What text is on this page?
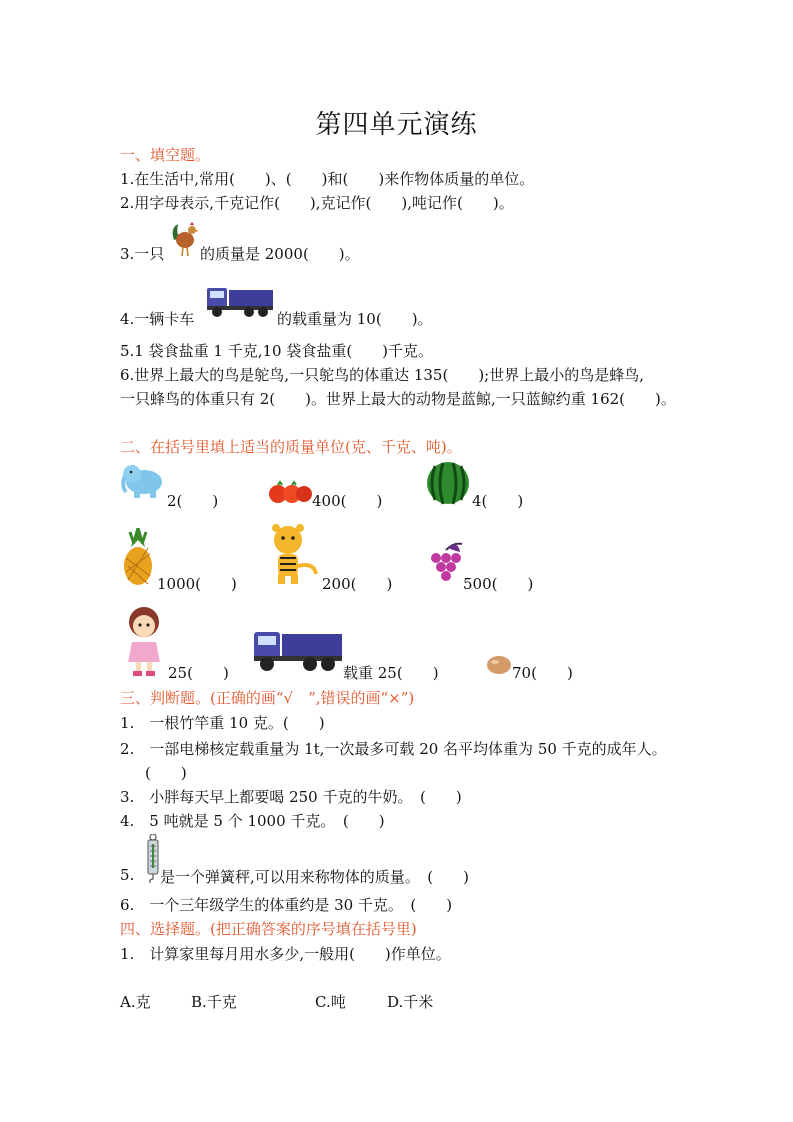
第四单元演练
一、填空题。
1.在生活中,常用(　　)、(　　)和(　　)来作物体质量的单位。
2.用字母表示,千克记作(　　),克记作(　　),吨记作(　　)。
3.一只 的质量是 2000(　　)。
4.一辆卡车	的载重量为 10(　　)。
5.1 袋食盐重 1 千克,10 袋食盐重(　　)千克。
6.世界上最大的鸟是鸵鸟,一只鸵鸟的体重达 135(　　);世界上最小的鸟是蜂鸟,
一只蜂鸟的体重只有 2(　　)。世界上最大的动物是蓝鲸,一只蓝鲸约重 162(　　)。
二、在括号里填上适当的质量单位(克、千克、吨)。
2(　　)	400(　　)	4(　　)
1000(　　)	200(　　)	500(　　)
25(　　)	载重 25(　　)	70(　　)
三、判断题。(正确的画“√　”,错误的画“×”)
1.　一根竹竿重 10 克。(　　)
2.　一部电梯核定载重量为 1t,一次最多可载 20 名平均体重为 50 千克的成年人。
(　　)
3.　小胖每天早上都要喝 250 千克的牛奶。　(　　)
4.　5 吨就是 5 个 1000 千克。　(　　)
5. 是一个弹簧秤,可以用来称物体的质量。　(　　)
6.　一个三年级学生的体重约是 30 千克。　(　　)
四、选择题。(把正确答案的序号填在括号里)
1.　计算家里每月用水多少,一般用(　　)作单位。
A.克	B.千克	C.吨	D.千米
